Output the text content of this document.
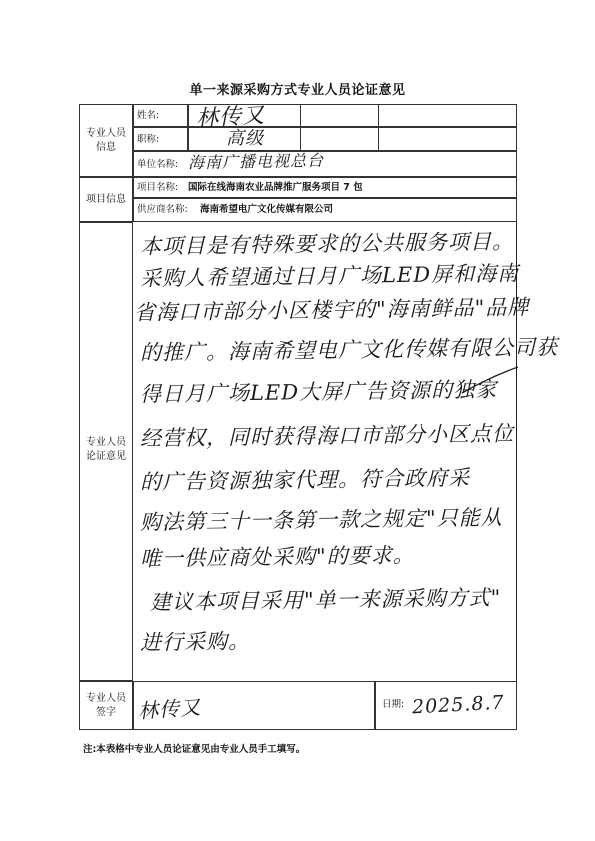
单一来源采购方式专业人员论证意见
专业人员信息
项目信息
专业人员论证意见
专业人员签字
姓名:
职称:
单位名称:
项目名称: 国际在线海南农业品牌推广服务项目 7 包
供应商名称: 海南希望电广文化传媒有限公司
日期:
林传又
高级
海南广播电视总台
林传又	2025.8.7
本项目是有特殊要求的公共服务项目。
采购人希望通过日月广场LED屏和海南
省海口市部分小区楼宇的"海南鲜品"品牌
的推广。海南希望电广文化传媒有限公司获
得日月广场LED大屏广告资源的独家
经营权，同时获得海口市部分小区点位
的广告资源独家代理。符合政府采
购法第三十一条第一款之规定"只能从
唯一供应商处采购"的要求。
建议本项目采用"单一来源采购方式"
进行采购。
注:本表格中专业人员论证意见由专业人员手工填写。
